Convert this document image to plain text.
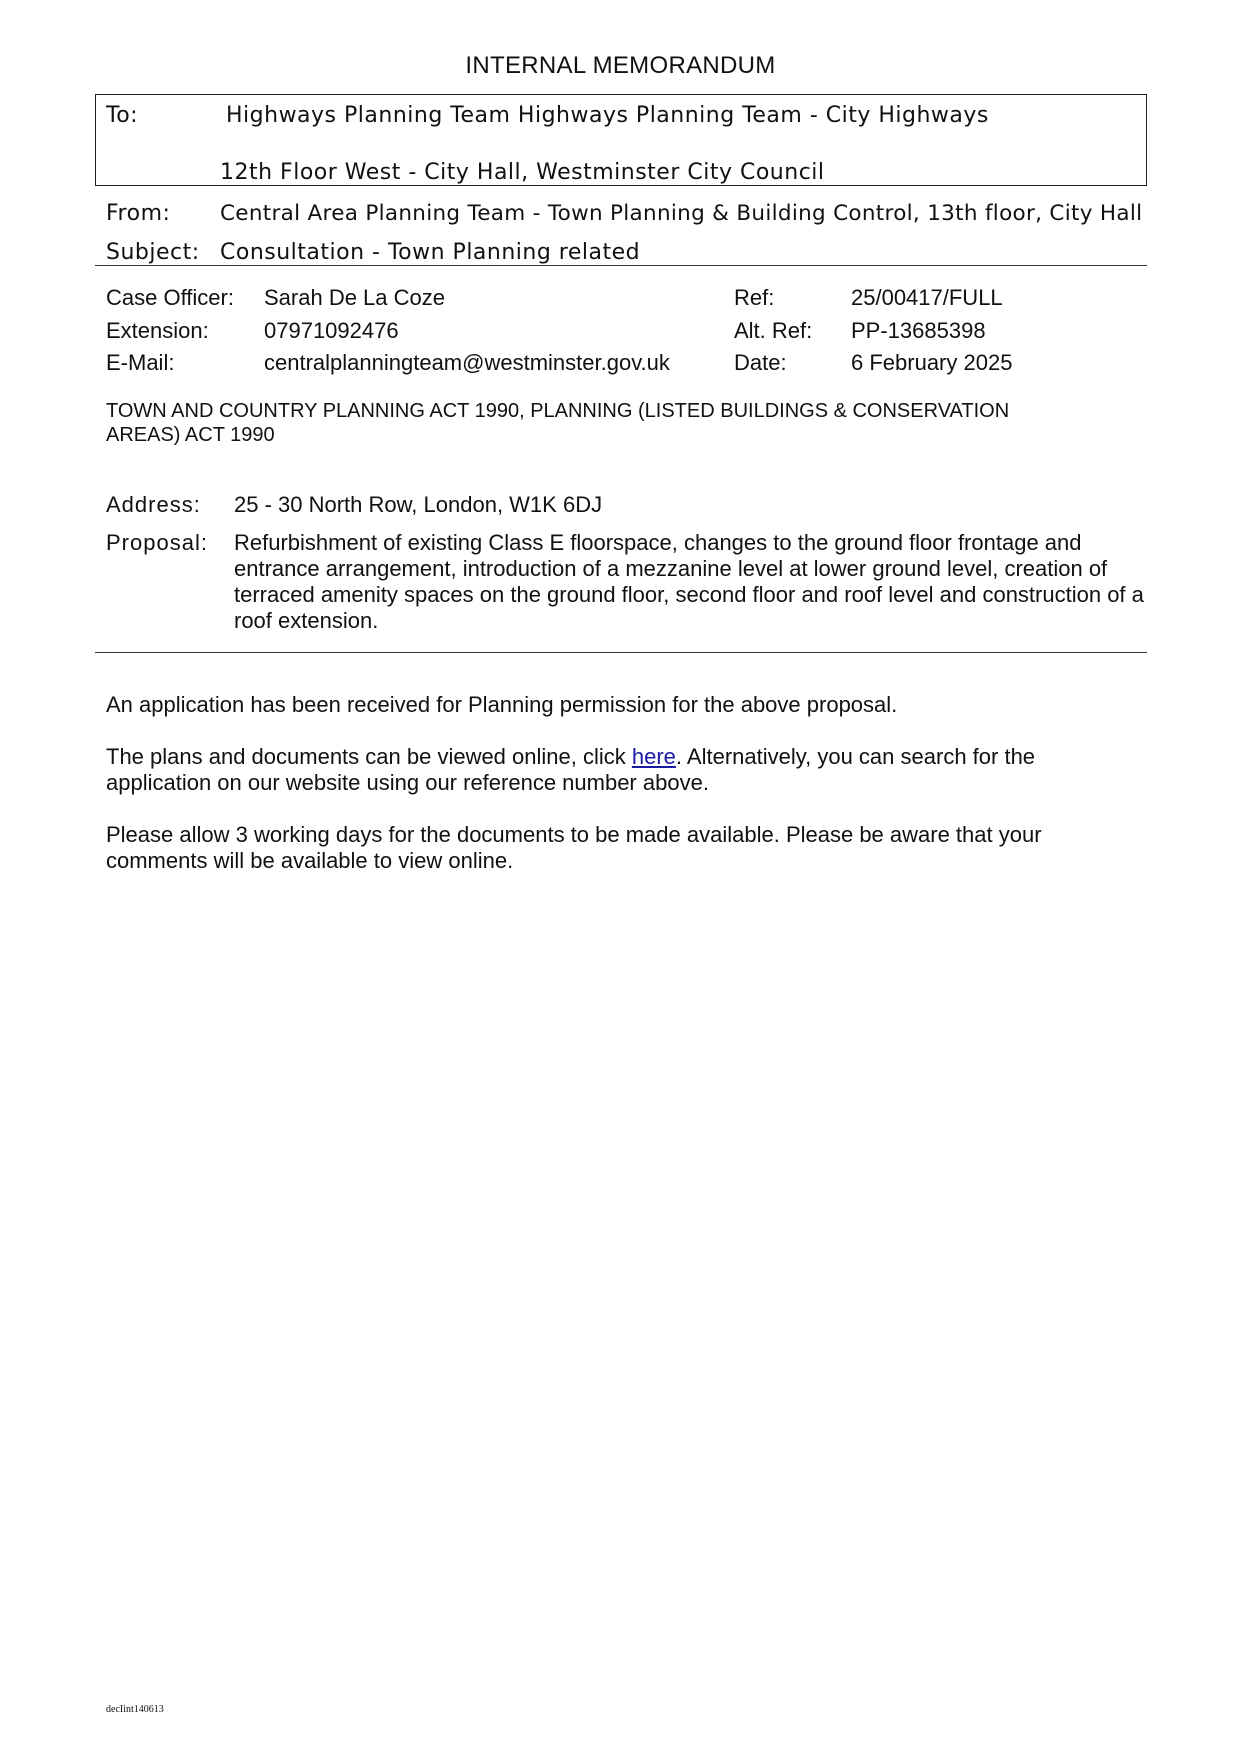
INTERNAL MEMORANDUM
To:	Highways Planning Team Highways Planning Team - City Highways
12th Floor West - City Hall, Westminster City Council
From: Central Area Planning Team - Town Planning & Building Control, 13th floor, City Hall
Subject: Consultation - Town Planning related
Case Officer: Sarah De La Coze
Extension:	07971092476
E-Mail:	centralplanningteam@westminster.gov.uk
Ref:	25/00417/FULL
Alt. Ref: PP-13685398
Date:	6 February 2025
TOWN AND COUNTRY PLANNING ACT 1990, PLANNING (LISTED BUILDINGS & CONSERVATION
AREAS) ACT 1990
Address: 25 - 30 North Row, London, W1K 6DJ
Proposal: Refurbishment of existing Class E floorspace, changes to the ground floor frontage and entrance arrangement, introduction of a mezzanine level at lower ground level, creation of terraced amenity spaces on the ground floor, second floor and roof level and construction of a roof extension.
An application has been received for Planning permission for the above proposal.
The plans and documents can be viewed online, click here. Alternatively, you can search for the application on our website using our reference number above.
Please allow 3 working days for the documents to be made available. Please be aware that your comments will be available to view online.
decIint140613
